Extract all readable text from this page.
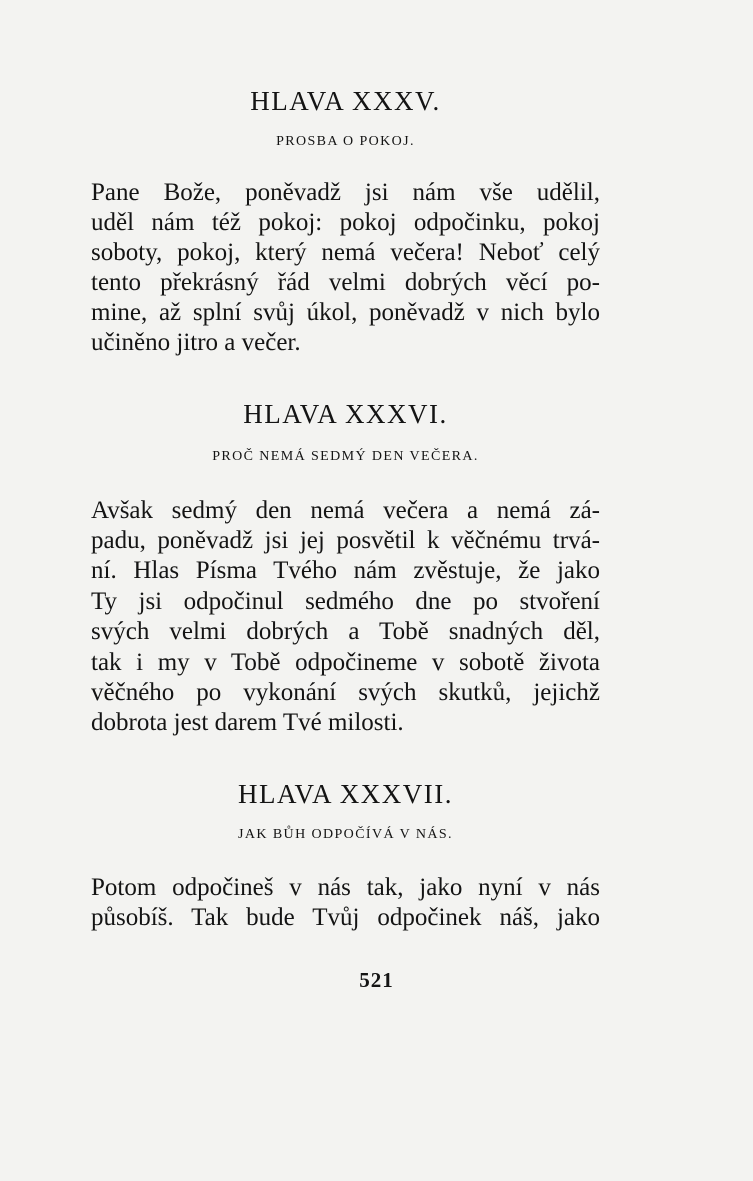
HLAVA XXXV.
PROSBA O POKOJ.
Pane Bože, poněvadž jsi nám vše udělil,
uděl nám též pokoj: pokoj odpočinku, pokoj
soboty, pokoj, který nemá večera! Neboť celý
tento překrásný řád velmi dobrých věcí po-
mine, až splní svůj úkol, poněvadž v nich bylo
učiněno jitro a večer.
HLAVA XXXVI.
PROČ NEMÁ SEDMÝ DEN VEČERA.
Avšak sedmý den nemá večera a nemá zá-
padu, poněvadž jsi jej posvětil k věčnému trvá-
ní. Hlas Písma Tvého nám zvěstuje, že jako
Ty jsi odpočinul sedmého dne po stvoření
svých velmi dobrých a Tobě snadných děl,
tak i my v Tobě odpočineme v sobotě života
věčného po vykonání svých skutků, jejichž
dobrota jest darem Tvé milosti.
HLAVA XXXVII.
JAK BŮH ODPOČÍVÁ V NÁS.
Potom odpočineš v nás tak, jako nyní v nás
působíš. Tak bude Tvůj odpočinek náš, jako
521
